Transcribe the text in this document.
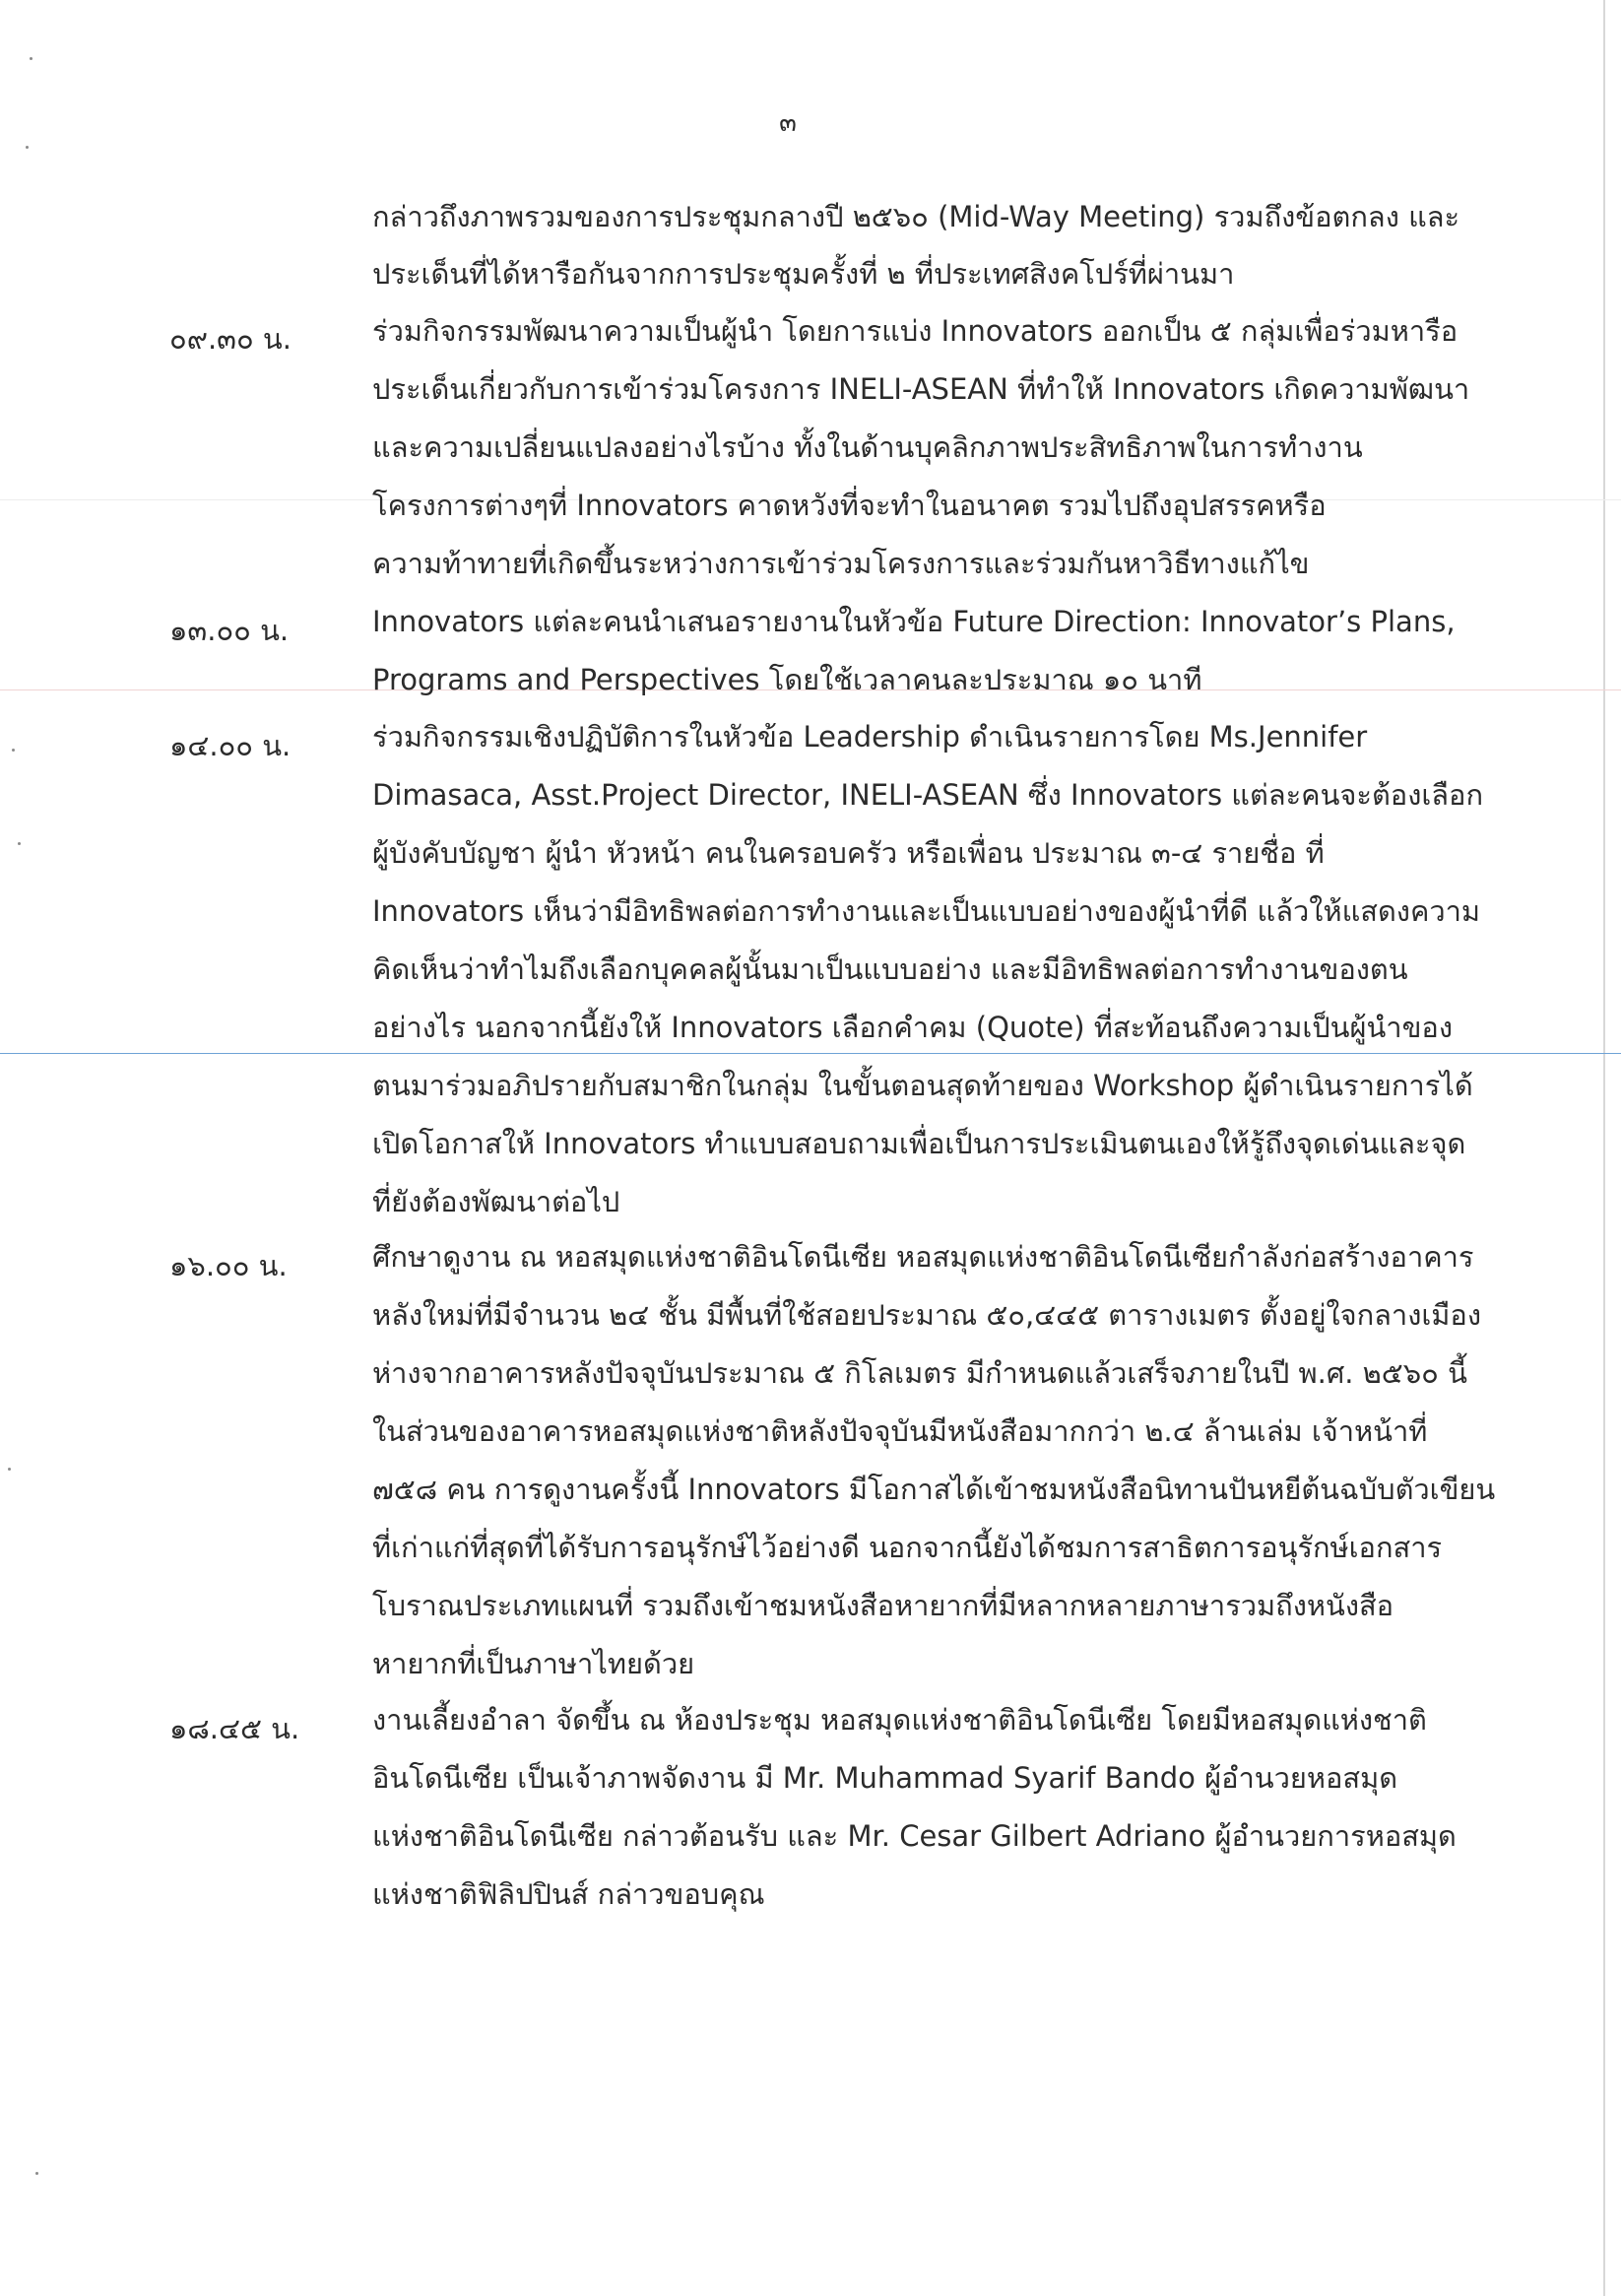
๓
กล่าวถึงภาพรวมของการประชุมกลางปี ๒๕๖๐ (Mid-Way Meeting) รวมถึงข้อตกลง และ
ประเด็นที่ได้หารือกันจากการประชุมครั้งที่ ๒ ที่ประเทศสิงคโปร์ที่ผ่านมา
๐๙.๓๐ น.	ร่วมกิจกรรมพัฒนาความเป็นผู้นำ โดยการแบ่ง Innovators ออกเป็น ๕ กลุ่มเพื่อร่วมหารือ
ประเด็นเกี่ยวกับการเข้าร่วมโครงการ INELI-ASEAN ที่ทำให้ Innovators เกิดความพัฒนา
และความเปลี่ยนแปลงอย่างไรบ้าง ทั้งในด้านบุคลิกภาพประสิทธิภาพในการทำงาน
โครงการต่างๆที่ Innovators คาดหวังที่จะทำในอนาคต รวมไปถึงอุปสรรคหรือ
ความท้าทายที่เกิดขึ้นระหว่างการเข้าร่วมโครงการและร่วมกันหาวิธีทางแก้ไข
๑๓.๐๐ น.	Innovators แต่ละคนนำเสนอรายงานในหัวข้อ Future Direction: Innovator’s Plans,
Programs and Perspectives โดยใช้เวลาคนละประมาณ ๑๐ นาที
๑๔.๐๐ น.	ร่วมกิจกรรมเชิงปฏิบัติการในหัวข้อ Leadership ดำเนินรายการโดย Ms.Jennifer
Dimasaca, Asst.Project Director, INELI-ASEAN ซึ่ง Innovators แต่ละคนจะต้องเลือก
ผู้บังคับบัญชา ผู้นำ หัวหน้า คนในครอบครัว หรือเพื่อน ประมาณ ๓-๔ รายชื่อ ที่
Innovators เห็นว่ามีอิทธิพลต่อการทำงานและเป็นแบบอย่างของผู้นำที่ดี แล้วให้แสดงความ
คิดเห็นว่าทำไมถึงเลือกบุคคลผู้นั้นมาเป็นแบบอย่าง และมีอิทธิพลต่อการทำงานของตน
อย่างไร นอกจากนี้ยังให้ Innovators เลือกคำคม (Quote) ที่สะท้อนถึงความเป็นผู้นำของ
ตนมาร่วมอภิปรายกับสมาชิกในกลุ่ม ในขั้นตอนสุดท้ายของ Workshop ผู้ดำเนินรายการได้
เปิดโอกาสให้ Innovators ทำแบบสอบถามเพื่อเป็นการประเมินตนเองให้รู้ถึงจุดเด่นและจุด
ที่ยังต้องพัฒนาต่อไป
๑๖.๐๐ น.	ศึกษาดูงาน ณ หอสมุดแห่งชาติอินโดนีเซีย หอสมุดแห่งชาติอินโดนีเซียกำลังก่อสร้างอาคาร
หลังใหม่ที่มีจำนวน ๒๔ ชั้น มีพื้นที่ใช้สอยประมาณ ๕๐,๔๔๕ ตารางเมตร ตั้งอยู่ใจกลางเมือง
ห่างจากอาคารหลังปัจจุบันประมาณ ๕ กิโลเมตร มีกำหนดแล้วเสร็จภายในปี พ.ศ. ๒๕๖๐ นี้
ในส่วนของอาคารหอสมุดแห่งชาติหลังปัจจุบันมีหนังสือมากกว่า ๒.๔ ล้านเล่ม เจ้าหน้าที่
๗๕๘ คน การดูงานครั้งนี้ Innovators มีโอกาสได้เข้าชมหนังสือนิทานปันหยีต้นฉบับตัวเขียน
ที่เก่าแก่ที่สุดที่ได้รับการอนุรักษ์ไว้อย่างดี นอกจากนี้ยังได้ชมการสาธิตการอนุรักษ์เอกสาร
โบราณประเภทแผนที่ รวมถึงเข้าชมหนังสือหายากที่มีหลากหลายภาษารวมถึงหนังสือ
หายากที่เป็นภาษาไทยด้วย
๑๘.๔๕ น.	งานเลี้ยงอำลา จัดขึ้น ณ ห้องประชุม หอสมุดแห่งชาติอินโดนีเซีย โดยมีหอสมุดแห่งชาติ
อินโดนีเซีย เป็นเจ้าภาพจัดงาน มี Mr. Muhammad Syarif Bando ผู้อำนวยหอสมุด
แห่งชาติอินโดนีเซีย กล่าวต้อนรับ และ Mr. Cesar Gilbert Adriano ผู้อำนวยการหอสมุด
แห่งชาติฟิลิปปินส์ กล่าวขอบคุณ
